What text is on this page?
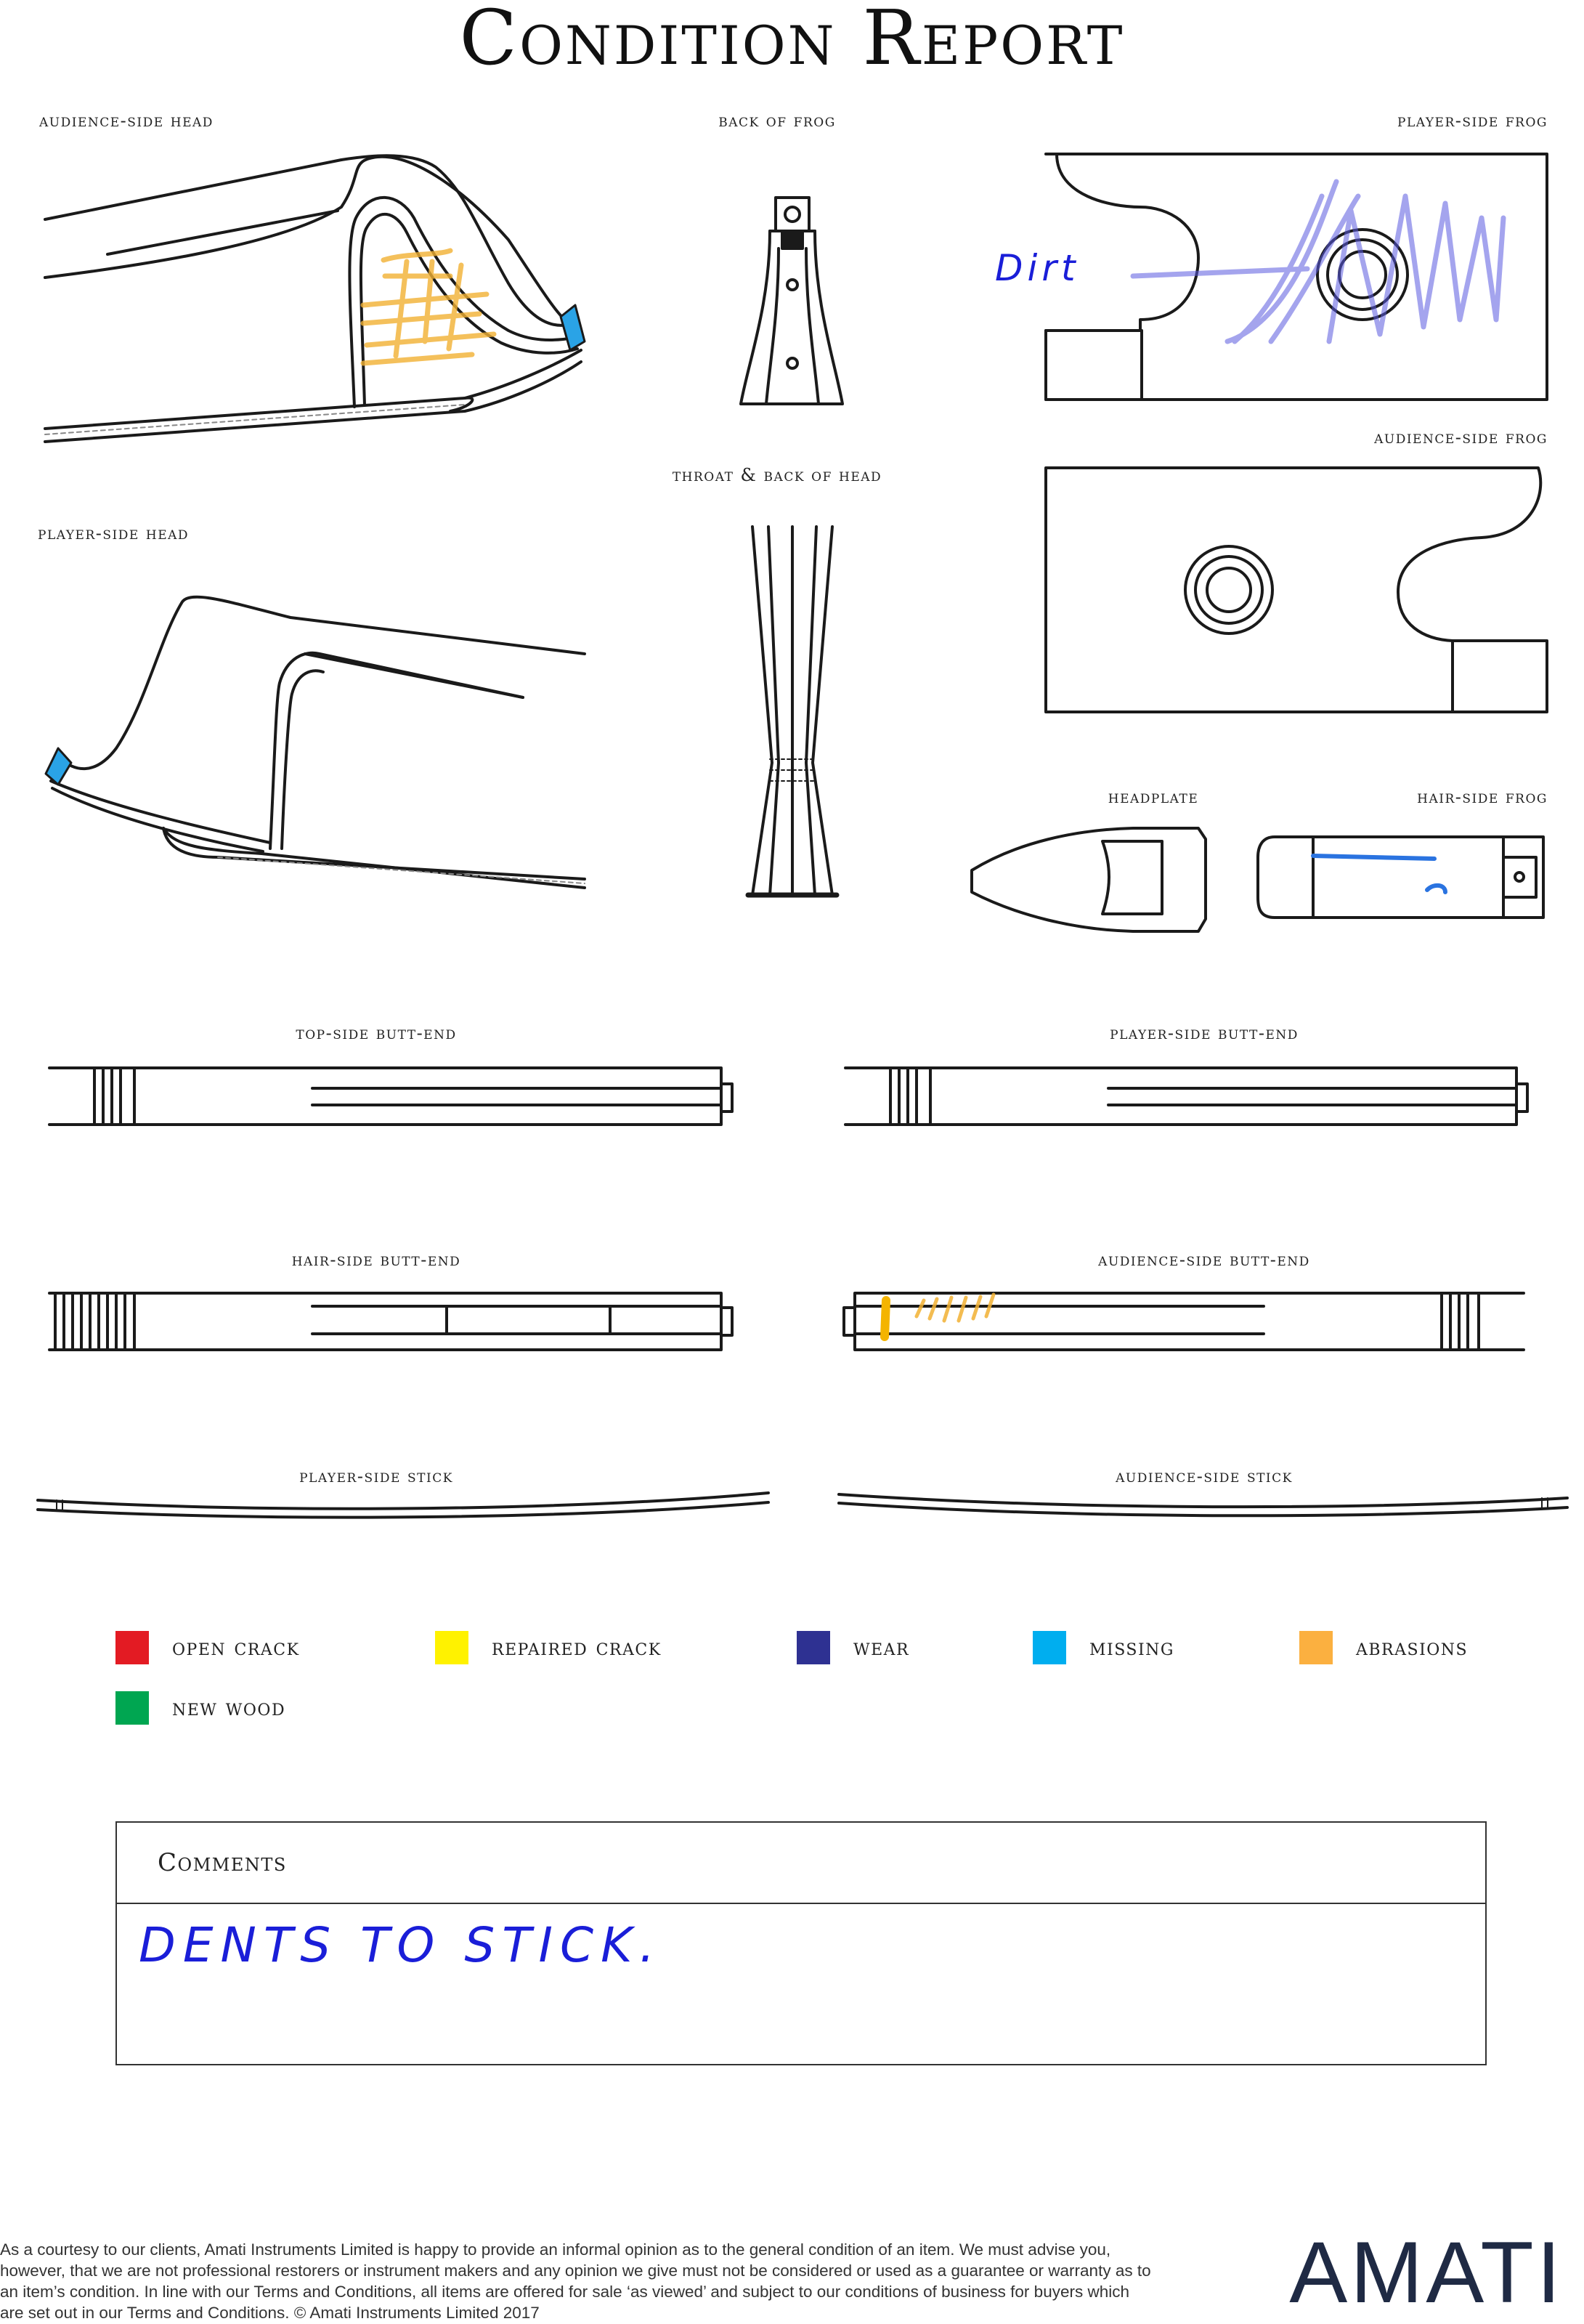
Condition Report
audience-side head	back of frog	player-side frog
player-side head
throat & back of head
audience-side frog
headplate	hair-side frog
top-side butt-end	player-side butt-end
hair-side butt-end	audience-side butt-end
player-side stick	audience-side stick
Dirt
open crack	repaired crack	wear	missing	abrasions
new wood
Comments
DENTS TO STICK.
As a courtesy to our clients, Amati Instruments Limited is happy to provide an informal opinion as to the general condition of an item. We must advise you, however, that we are not professional restorers or instrument makers and any opinion we give must not be considered or used as a guarantee or warranty as to an item’s condition. In line with our Terms and Conditions, all items are offered for sale ‘as viewed’ and subject to our conditions of business for buyers which are set out in our Terms and Conditions. © Amati Instruments Limited 2017	AMATI
